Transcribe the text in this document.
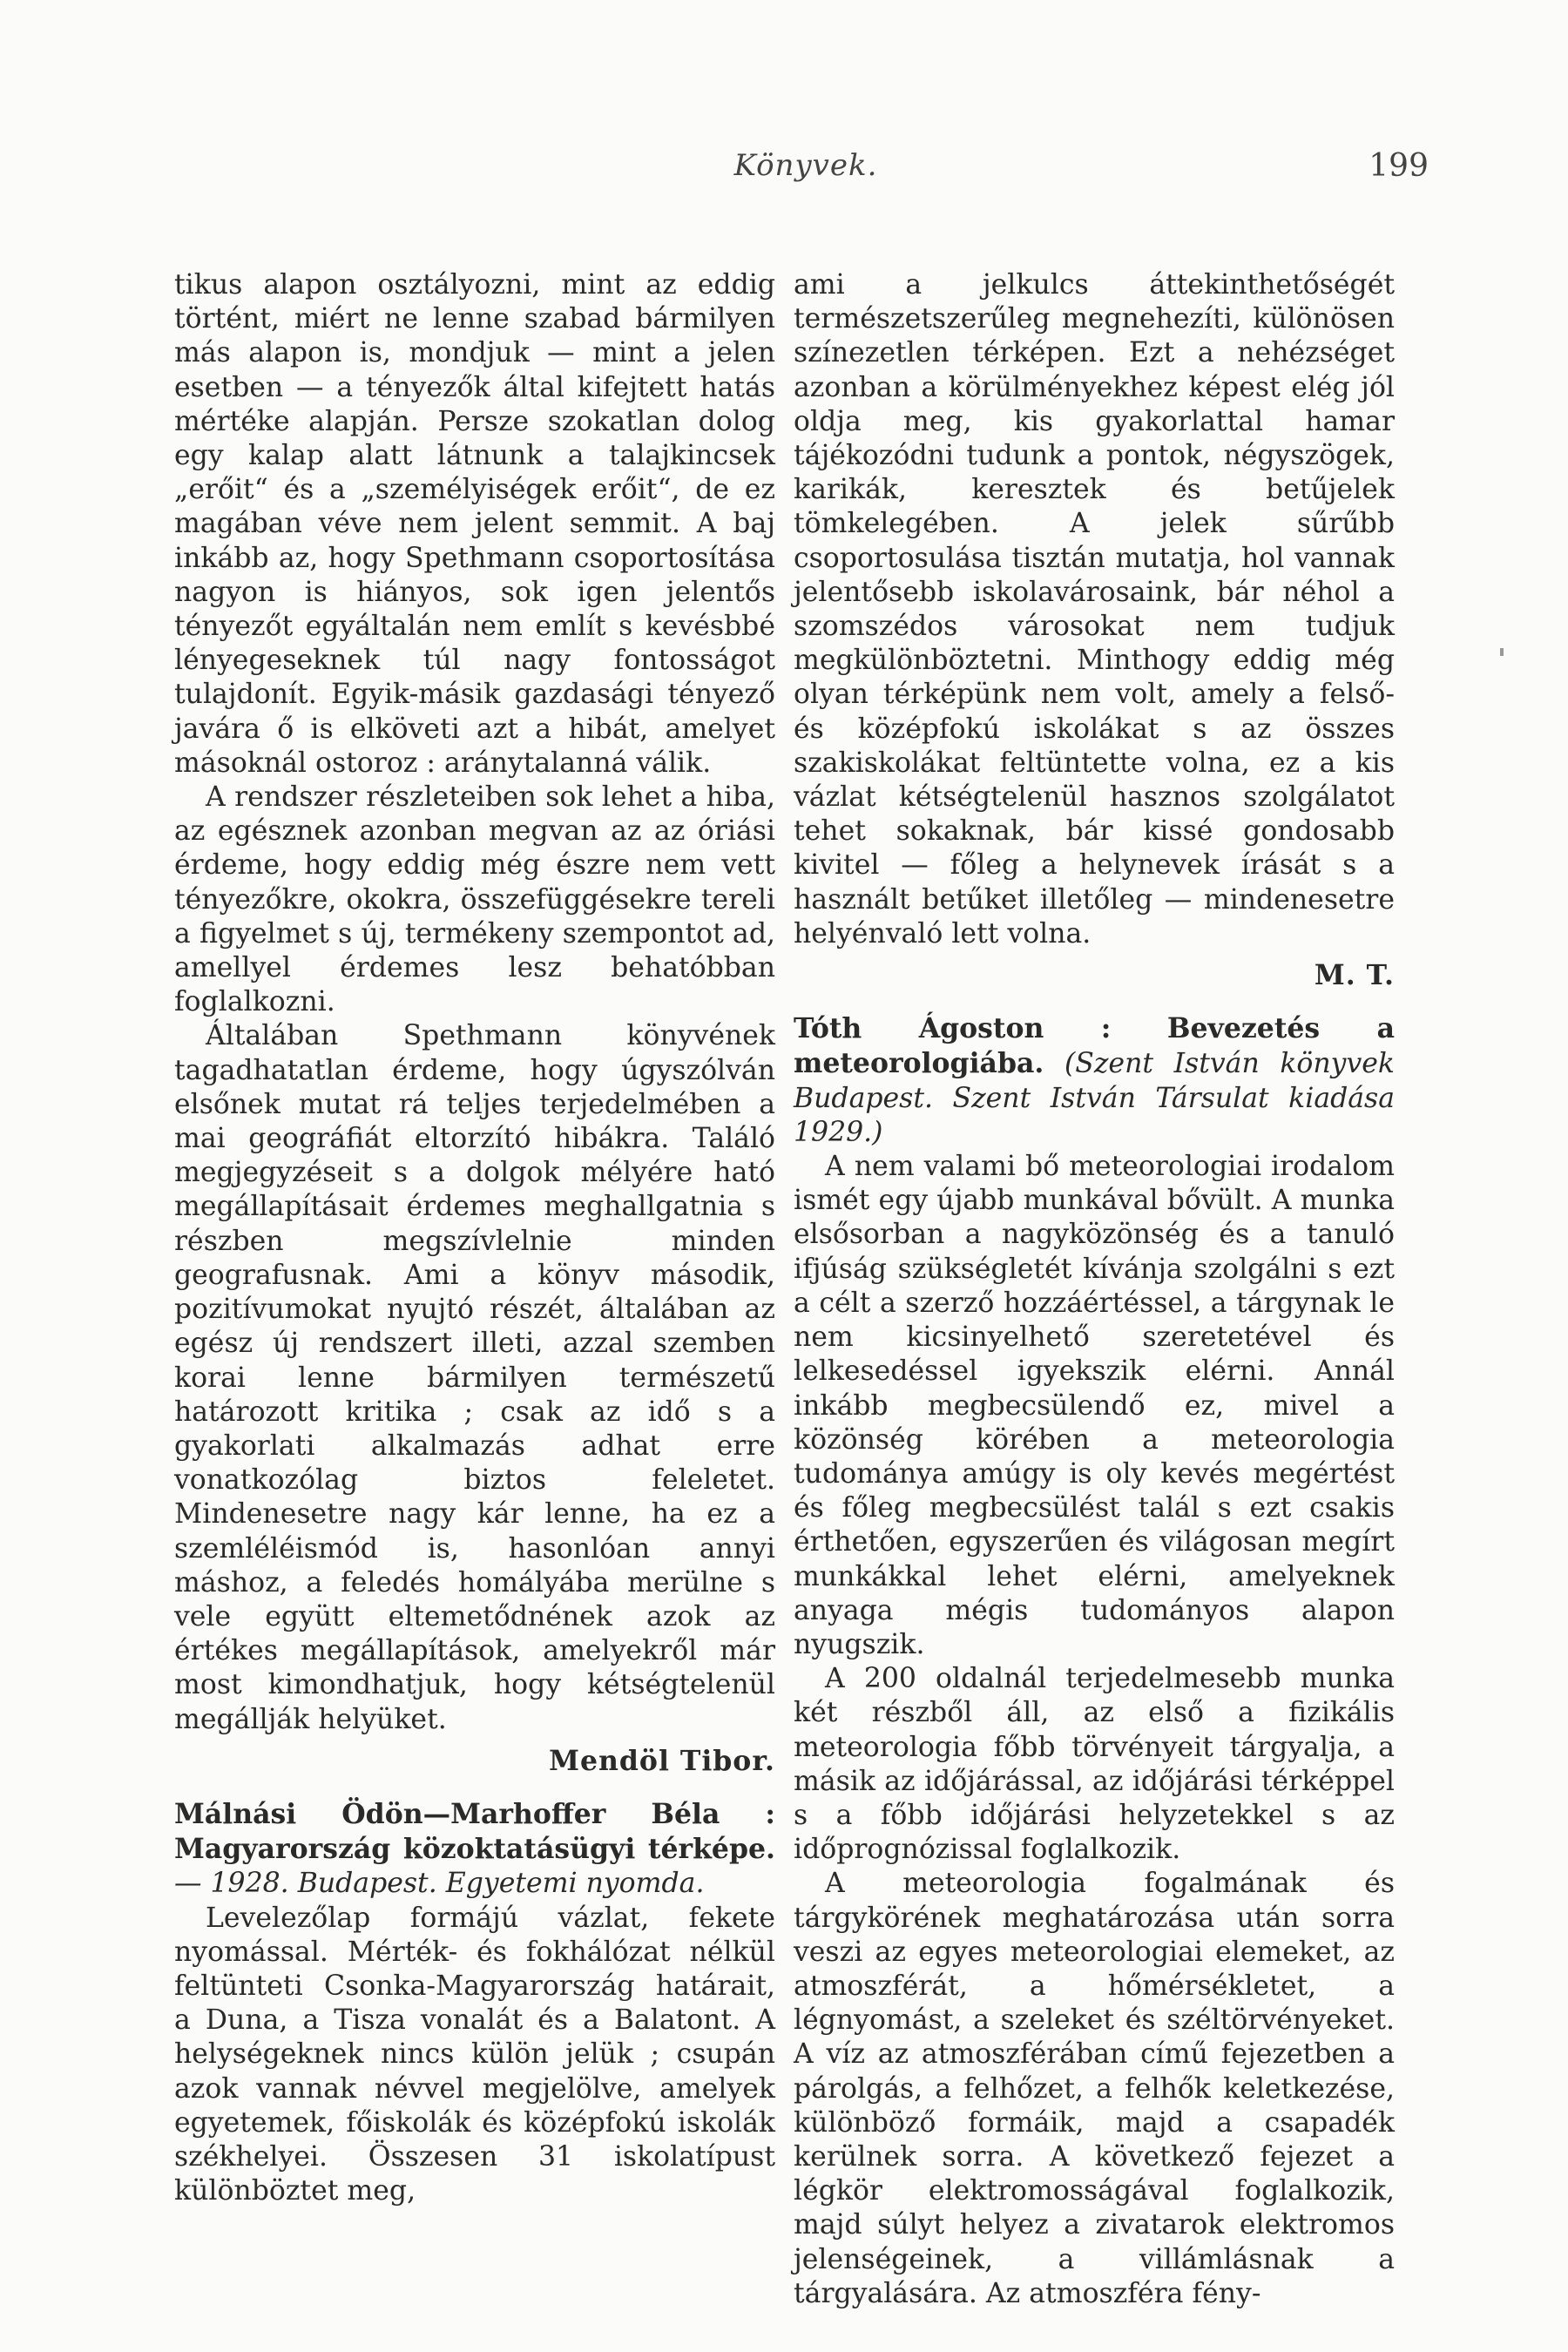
Könyvek.	199

tikus alapon osztályozni, mint az eddig történt, miért ne lenne szabad bármilyen más alapon is, mondjuk — mint a jelen esetben — a tényezők által kifejtett hatás mértéke alapján. Persze szokatlan dolog egy kalap alatt látnunk a talajkincsek „erőit“ és a „személyiségek erőit“, de ez magában véve nem jelent semmit. A baj inkább az, hogy Spethmann csoportosítása nagyon is hiányos, sok igen jelentős tényezőt egyáltalán nem említ s kevésbbé lényegeseknek túl nagy fontosságot tulajdonít. Egyik-másik gazdasági tényező javára ő is elköveti azt a hibát, amelyet másoknál ostoroz : aránytalanná válik.

A rendszer részleteiben sok lehet a hiba, az egésznek azonban megvan az az óriási érdeme, hogy eddig még észre nem vett tényezőkre, okokra, összefüggésekre tereli a figyelmet s új, termékeny szempontot ad, amellyel érdemes lesz behatóbban foglalkozni.

Általában Spethmann könyvének tagadhatatlan érdeme, hogy úgyszólván elsőnek mutat rá teljes terjedelmében a mai geográfiát eltorzító hibákra. Találó megjegyzéseit s a dolgok mélyére ható megállapításait érdemes meghallgatnia s részben megszívlelnie minden geografusnak. Ami a könyv második, pozitívumokat nyujtó részét, általában az egész új rendszert illeti, azzal szemben korai lenne bármilyen természetű határozott kritika ; csak az idő s a gyakorlati alkalmazás adhat erre vonatkozólag biztos feleletet. Mindenesetre nagy kár lenne, ha ez a szemléléismód is, hasonlóan annyi máshoz, a feledés homályába merülne s vele együtt eltemetődnének azok az értékes megállapítások, amelyekről már most kimondhatjuk, hogy kétségtelenül megállják helyüket.

Mendöl Tibor.

Málnási Ödön—Marhoffer Béla : Magyarország közoktatásügyi térképe. — 1928. Budapest. Egyetemi nyomda.

Levelezőlap formájú vázlat, fekete nyomással. Mérték- és fokhálózat nélkül feltünteti Csonka-Magyarország határait, a Duna, a Tisza vonalát és a Balatont. A helységeknek nincs külön jelük ; csupán azok vannak névvel megjelölve, amelyek egyetemek, főiskolák és középfokú iskolák székhelyei. Összesen 31 iskolatípust különböztet meg,

ami a jelkulcs áttekinthetőségét természetszerűleg megnehezíti, különösen színezetlen térképen. Ezt a nehézséget azonban a körülményekhez képest elég jól oldja meg, kis gyakorlattal hamar tájékozódni tudunk a pontok, négyszögek, karikák, keresztek és betűjelek tömkelegében. A jelek sűrűbb csoportosulása tisztán mutatja, hol vannak jelentősebb iskolavárosaink, bár néhol a szomszédos városokat nem tudjuk megkülönböztetni. Minthogy eddig még olyan térképünk nem volt, amely a felső- és középfokú iskolákat s az összes szakiskolákat feltüntette volna, ez a kis vázlat kétségtelenül hasznos szolgálatot tehet sokaknak, bár kissé gondosabb kivitel — főleg a helynevek írását s a használt betűket illetőleg — mindenesetre helyénvaló lett volna.

M. T.

Tóth Ágoston : Bevezetés a meteorologiába. (Szent István könyvek Budapest. Szent István Társulat kiadása 1929.)

A nem valami bő meteorologiai irodalom ismét egy újabb munkával bővült. A munka elsősorban a nagyközönség és a tanuló ifjúság szükségletét kívánja szolgálni s ezt a célt a szerző hozzáértéssel, a tárgynak le nem kicsinyelhető szeretetével és lelkesedéssel igyekszik elérni. Annál inkább megbecsülendő ez, mivel a közönség körében a meteorologia tudománya amúgy is oly kevés megértést és főleg megbecsülést talál s ezt csakis érthetően, egyszerűen és világosan megírt munkákkal lehet elérni, amelyeknek anyaga mégis tudományos alapon nyugszik.

A 200 oldalnál terjedelmesebb munka két részből áll, az első a fizikális meteorologia főbb törvényeit tárgyalja, a másik az időjárással, az időjárási térképpel s a főbb időjárási helyzetekkel s az időprognózissal foglalkozik.

A meteorologia fogalmának és tárgykörének meghatározása után sorra veszi az egyes meteorologiai elemeket, az atmoszférát, a hőmérsékletet, a légnyomást, a szeleket és széltörvényeket. A víz az atmoszférában című fejezetben a párolgás, a felhőzet, a felhők keletkezése, különböző formáik, majd a csapadék kerülnek sorra. A következő fejezet a légkör elektromosságával foglalkozik, majd súlyt helyez a zivatarok elektromos jelenségeinek, a villámlásnak a tárgyalására. Az atmoszféra fény-
